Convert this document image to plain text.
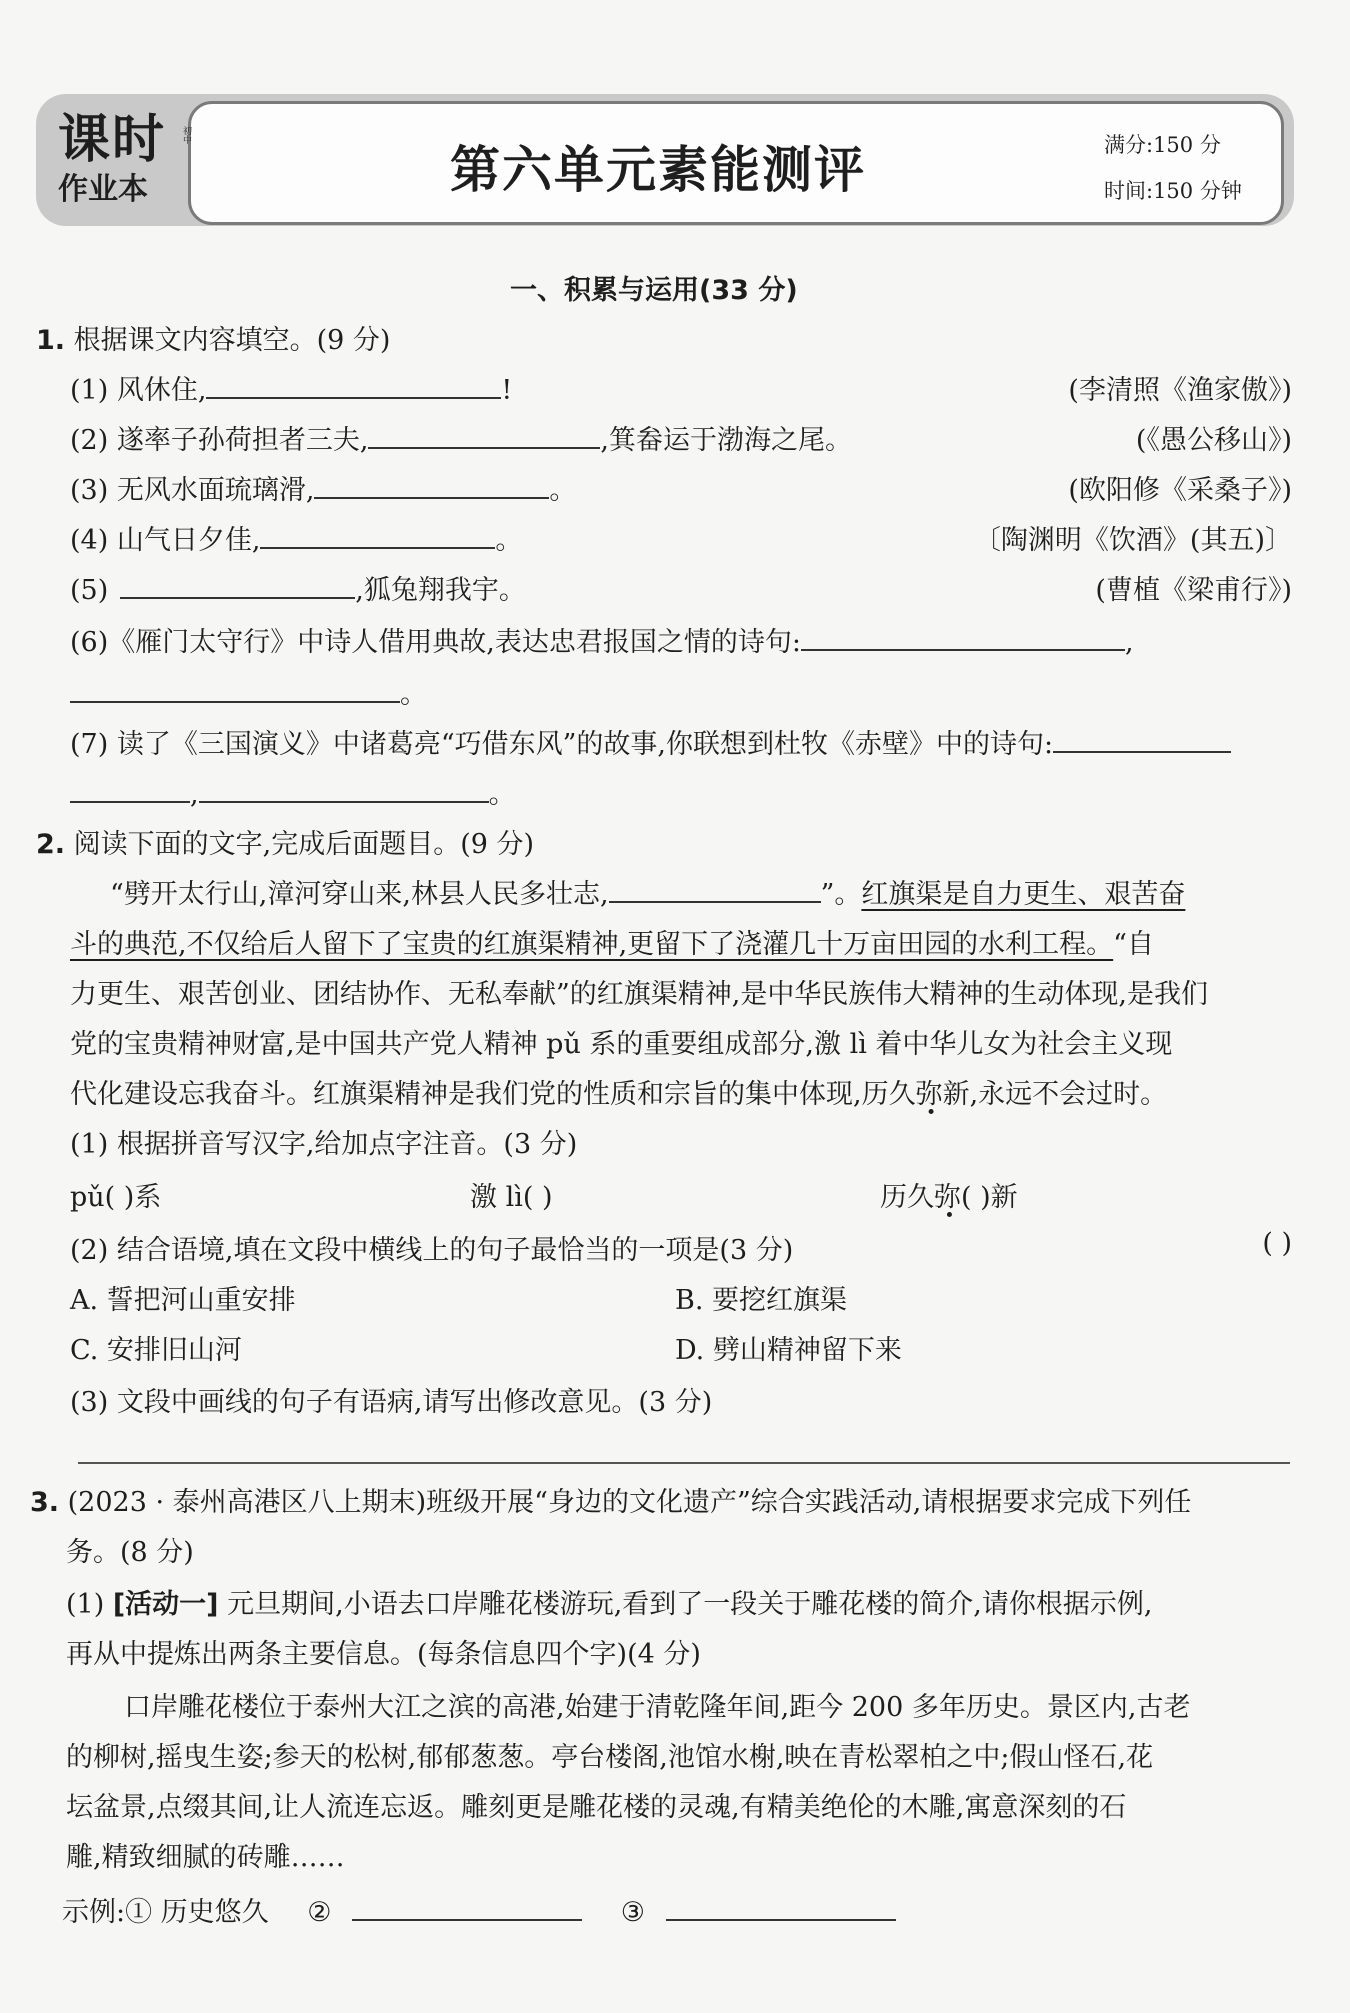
课时
作业本
初中
第六单元素能测评	满分:150 分
时间:150 分钟
一、积累与运用(33 分)
1. 根据课文内容填空。(9 分)
(1) 风休住,	!	(李清照《渔家傲》)
(2) 遂率子孙荷担者三夫,	,箕畚运于渤海之尾。	(《愚公移山》)
(3) 无风水面琉璃滑,	。	(欧阳修《采桑子》)
(4) 山气日夕佳,	。	〔陶渊明《饮酒》(其五)〕
(5)	,狐兔翔我宇。	(曹植《梁甫行》)
(6)《雁门太守行》中诗人借用典故,表达忠君报国之情的诗句:	,
。
(7) 读了《三国演义》中诸葛亮“巧借东风”的故事,你联想到杜牧《赤壁》中的诗句:
,	。
2. 阅读下面的文字,完成后面题目。(9 分)
“劈开太行山,漳河穿山来,林县人民多壮志,	”。红旗渠是自力更生、艰苦奋
斗的典范,不仅给后人留下了宝贵的红旗渠精神,更留下了浇灌几十万亩田园的水利工程。“自
力更生、艰苦创业、团结协作、无私奉献”的红旗渠精神,是中华民族伟大精神的生动体现,是我们
党的宝贵精神财富,是中国共产党人精神 pǔ 系的重要组成部分,激 lì 着中华儿女为社会主义现
代化建设忘我奋斗。红旗渠精神是我们党的性质和宗旨的集中体现,历久弥新,永远不会过时。
(1) 根据拼音写汉字,给加点字注音。(3 分)
pǔ( )系	激 lì( )	历久弥( )新
(2) 结合语境,填在文段中横线上的句子最恰当的一项是(3 分)	( )
A. 誓把河山重安排	B. 要挖红旗渠
C. 安排旧山河	D. 劈山精神留下来
(3) 文段中画线的句子有语病,请写出修改意见。(3 分)
3. (2023 · 泰州高港区八上期末)班级开展“身边的文化遗产”综合实践活动,请根据要求完成下列任
务。(8 分)
(1) [活动一] 元旦期间,小语去口岸雕花楼游玩,看到了一段关于雕花楼的简介,请你根据示例,
再从中提炼出两条主要信息。(每条信息四个字)(4 分)
口岸雕花楼位于泰州大江之滨的高港,始建于清乾隆年间,距今 200 多年历史。景区内,古老
的柳树,摇曳生姿;参天的松树,郁郁葱葱。亭台楼阁,池馆水榭,映在青松翠柏之中;假山怪石,花
坛盆景,点缀其间,让人流连忘返。雕刻更是雕花楼的灵魂,有精美绝伦的木雕,寓意深刻的石
雕,精致细腻的砖雕……
示例:① 历史悠久 ②	③
